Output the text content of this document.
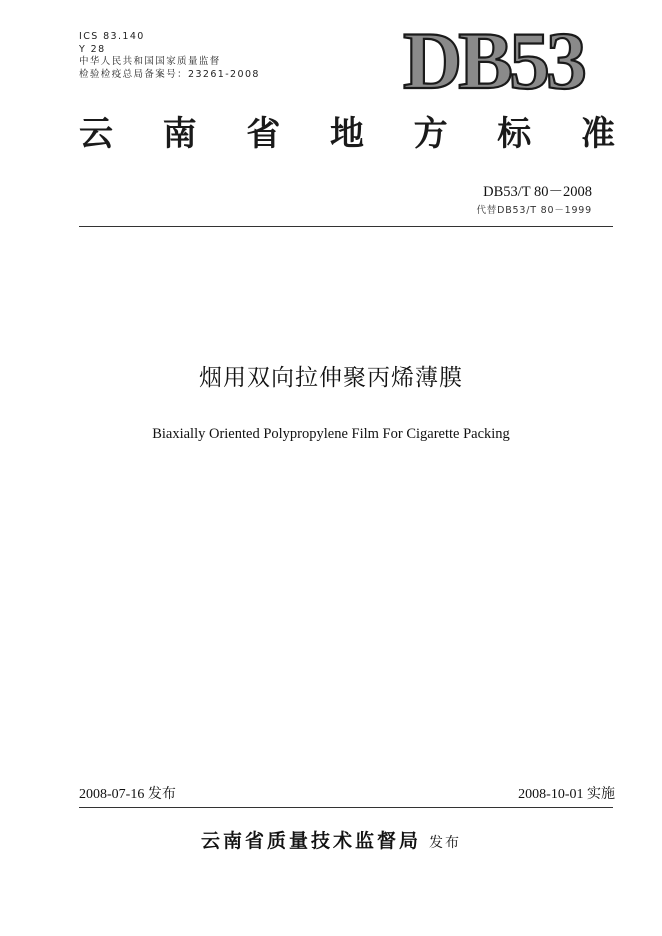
ICS 83.140
Y 28
中华人民共和国国家质量监督
检验检疫总局备案号：23261-2008 DB53
云 南 省 地 方 标 准
DB53/T 80－2008
代替DB53/T 80－1999
烟用双向拉伸聚丙烯薄膜
Biaxially Oriented Polypropylene Film For Cigarette Packing
2008-07-16 发布	2008-10-01 实施
云南省质量技术监督局 发布
